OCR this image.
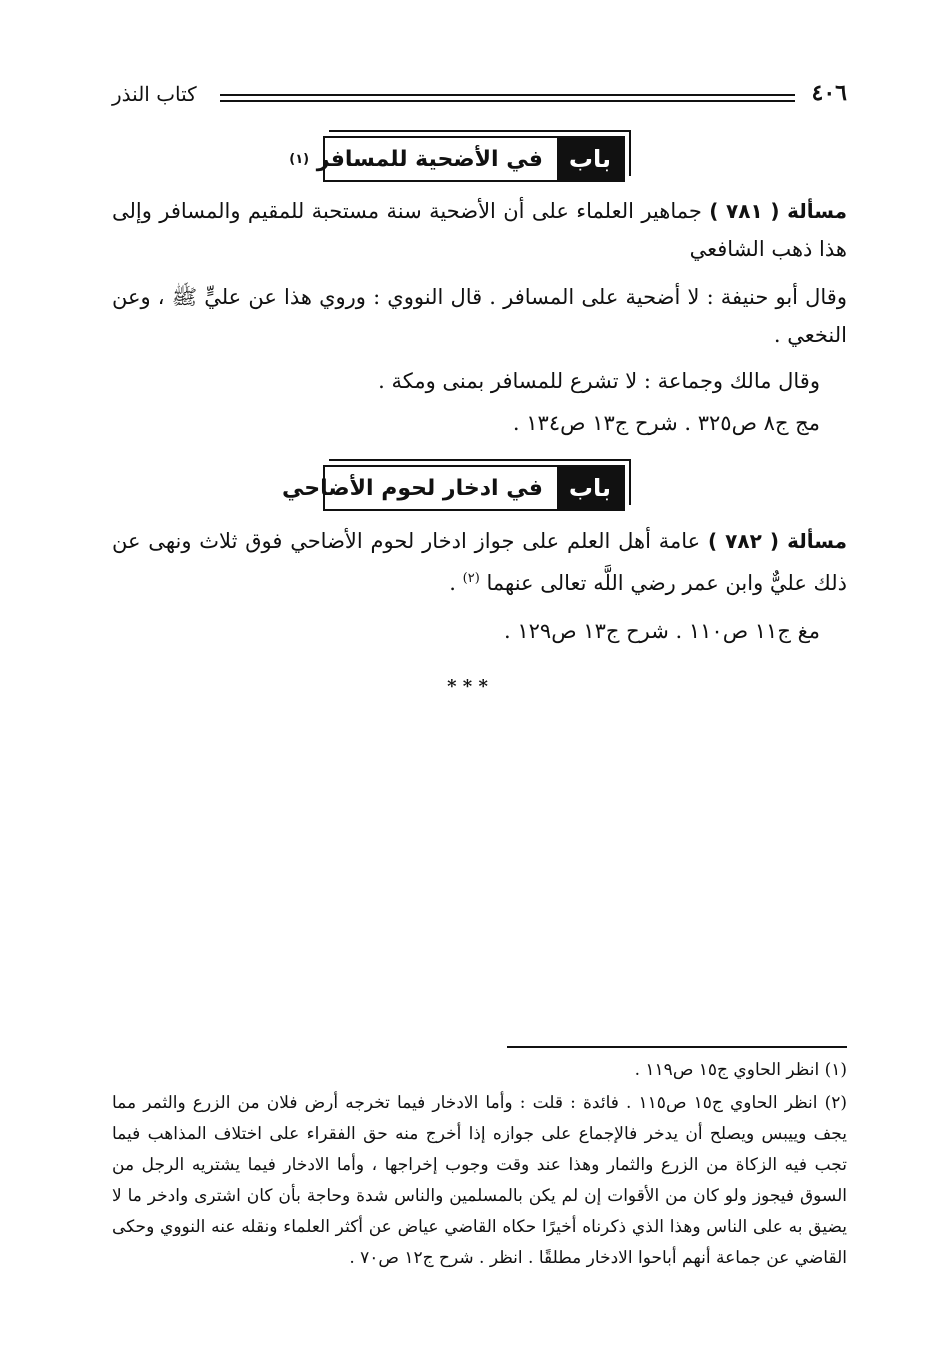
٤٠٦
كتاب النذر
باب
في الأضحية للمسافر

(١)
مسألة ( ٧٨١ ) جماهير العلماء على أن الأضحية سنة مستحبة للمقيم والمسافر وإلى هذا ذهب الشافعي
وقال أبو حنيفة : لا أضحية على المسافر . قال النووي : وروي هذا عن عليٍّ ﷺ ، وعن النخعي .
وقال مالك وجماعة : لا تشرع للمسافر بمنى ومكة .
مج ج٨ ص٣٢٥ . شرح ج١٣ ص١٣٤ .
باب
في ادخار لحوم الأضاحي
مسألة ( ٧٨٢ ) عامة أهل العلم على جواز ادخار لحوم الأضاحي فوق ثلاث ونهى عن ذلك عليٌّ وابن عمر رضي اللَّه تعالى عنهما $^{(٢)}$ .
مغ ج١١ ص١١٠ . شرح ج١٣ ص١٢٩ .
* * *
(١) انظر الحاوي ج١٥ ص١١٩ .
(٢) انظر الحاوي ج١٥ ص١١٥ . فائدة : قلت : وأما الادخار فيما تخرجه أرض فلان من الزرع والثمر مما يجف وييبس ويصلح أن يدخر فالإجماع على جوازه إذا أخرج منه حق الفقراء على اختلاف المذاهب فيما تجب فيه الزكاة من الزرع والثمار وهذا عند وقت وجوب إخراجها ، وأما الادخار فيما يشتريه الرجل من السوق فيجوز ولو كان من الأقوات إن لم يكن بالمسلمين والناس شدة وحاجة بأن كان اشترى وادخر ما لا يضيق به على الناس وهذا الذي ذكرناه أخيرًا حكاه القاضي عياض عن أكثر العلماء ونقله عنه النووي وحكى القاضي عن جماعة أنهم أباحوا الادخار مطلقًا . انظر . شرح ج١٢ ص٧٠ .
